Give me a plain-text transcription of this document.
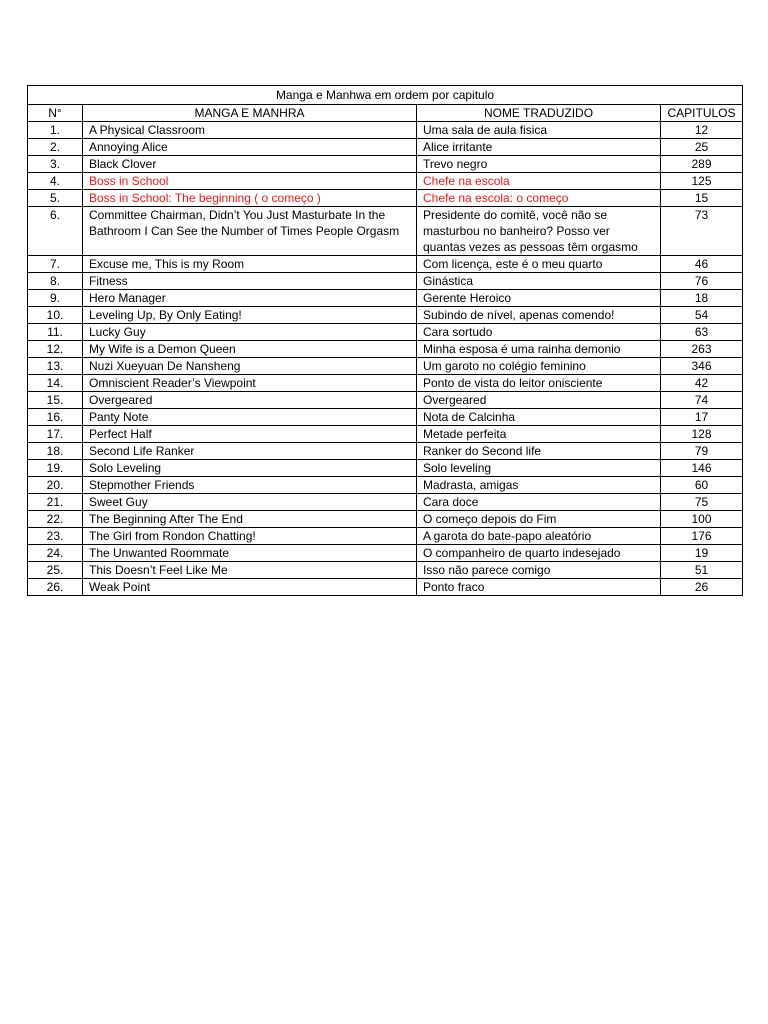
Manga e Manhwa em ordem por capitulo			
N°	MANGA E MANHRA	NOME TRADUZIDO	CAPITULOS
1.	A Physical Classroom	Uma sala de aula fisica	12
2.	Annoying Alice	Alice irritante	25
3.	Black Clover	Trevo negro	289
4.	Boss in School	Chefe na escola	125
5.	Boss in School: The beginning ( o começo )	Chefe na escola: o começo	15
6.	Committee Chairman, Didn’t You Just Masturbate In the Bathroom I Can See the Number of Times People Orgasm	Presidente do comitê, você não se masturbou no banheiro? Posso ver quantas vezes as pessoas têm orgasmo	73
7.	Excuse me, This is my Room	Com licença, este é o meu quarto	46
8.	Fitness	Ginástica	76
9.	Hero Manager	Gerente Heroico	18
10.	Leveling Up, By Only Eating!	Subindo de nível, apenas comendo!	54
11.	Lucky Guy	Cara sortudo	63
12.	My Wife is a Demon Queen	Minha esposa é uma rainha demonio	263
13.	Nuzi Xueyuan De Nansheng	Um garoto no colégio feminino	346
14.	Omniscient Reader’s Viewpoint	Ponto de vista do leitor onisciente	42
15.	Overgeared	Overgeared	74
16.	Panty Note	Nota de Calcinha	17
17.	Perfect Half	Metade perfeita	128
18.	Second Life Ranker	Ranker do Second life	79
19.	Solo Leveling	Solo leveling	146
20.	Stepmother Friends	Madrasta, amigas	60
21.	Sweet Guy	Cara doce	75
22.	The Beginning After The End	O começo depois do Fim	100
23.	The Girl from Rondon Chatting!	A garota do bate-papo aleatório	176
24.	The Unwanted Roommate	O companheiro de quarto indesejado	19
25.	This Doesn’t Feel Like Me	Isso não parece comigo	51
26.	Weak Point	Ponto fraco	26
